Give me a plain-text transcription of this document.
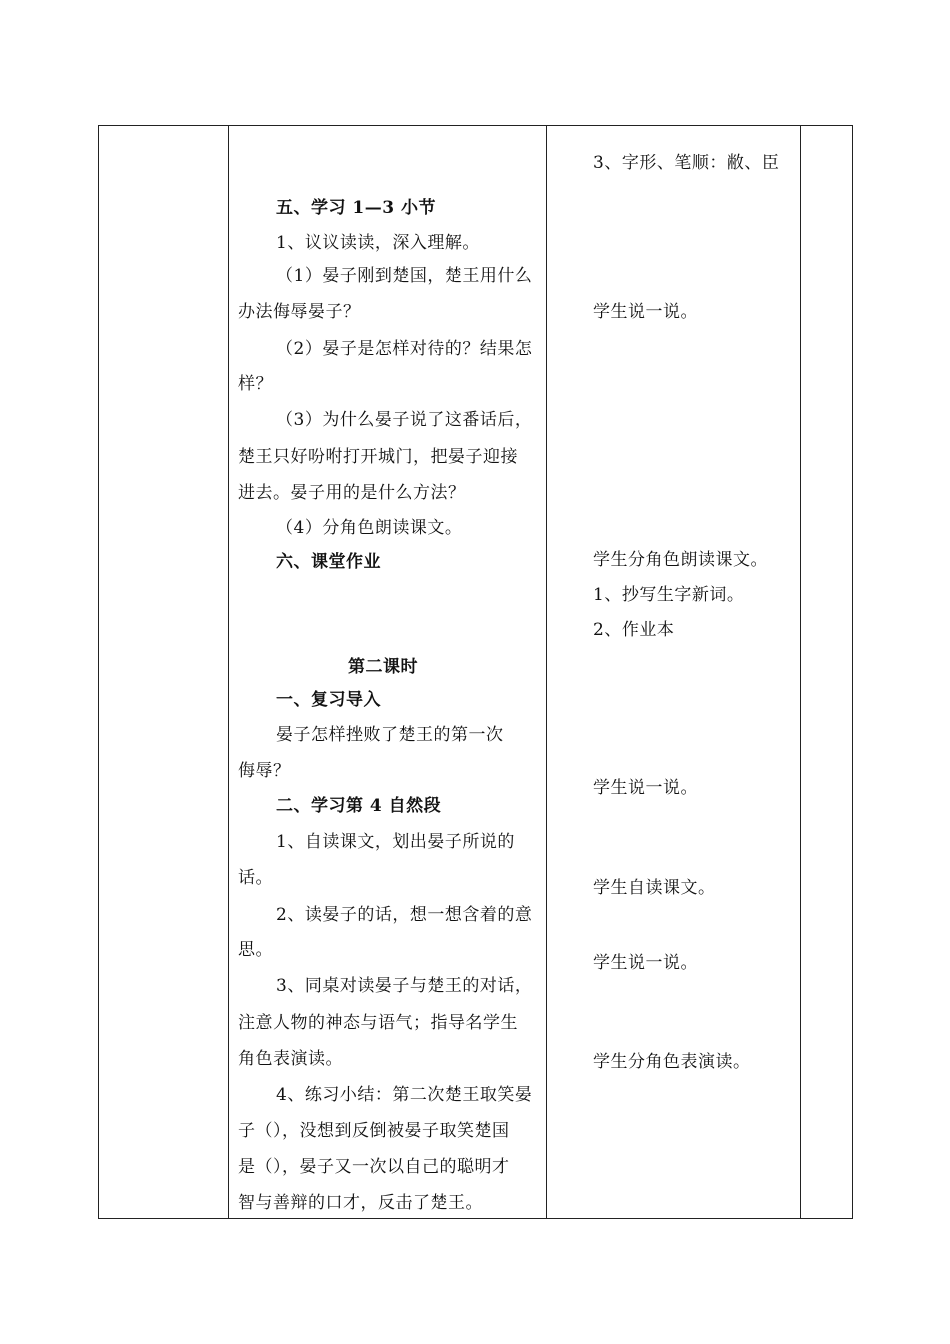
五、学习 1—3 小节
1、议议读读，深入理解。
（1）晏子刚到楚国，楚王用什么
办法侮辱晏子？
（2）晏子是怎样对待的？结果怎
样？
（3）为什么晏子说了这番话后，
楚王只好吩咐打开城门，把晏子迎接
进去。晏子用的是什么方法？
（4）分角色朗读课文。
六、课堂作业
第二课时
一、复习导入
晏子怎样挫败了楚王的第一次
侮辱？
二、学习第 4 自然段
1、自读课文，划出晏子所说的
话。
2、读晏子的话，想一想含着的意
思。
3、同桌对读晏子与楚王的对话，
注意人物的神态与语气；指导名学生
角色表演读。
4、练习小结：第二次楚王取笑晏
子（），没想到反倒被晏子取笑楚国
是（），晏子又一次以自己的聪明才
智与善辩的口才，反击了楚王。
3、字形、笔顺：敝、臣
学生说一说。
学生分角色朗读课文。
1、抄写生字新词。
2、作业本
学生说一说。
学生自读课文。
学生说一说。
学生分角色表演读。
